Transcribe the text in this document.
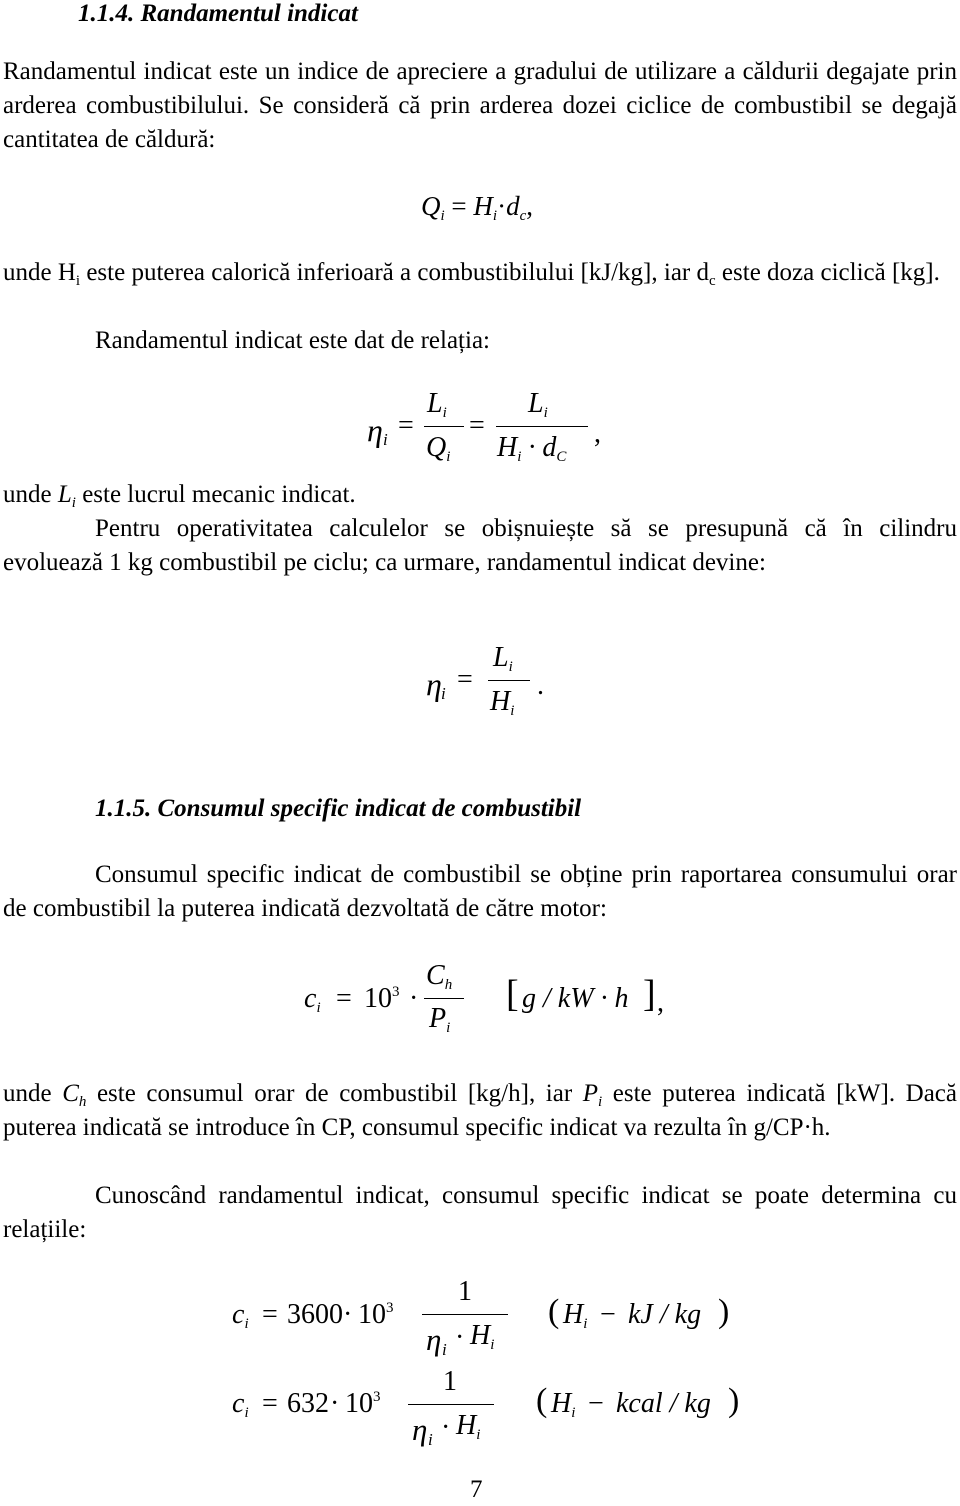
1.1.4. Randamentul indicat
Randamentul indicat este un indice de apreciere a gradului de utilizare a căldurii degajate prin arderea combustibilului. Se consideră că prin arderea dozei ciclice de combustibil se degajă cantitatea de căldură:
$Q_i = H_i\cdot d_c$,
unde $H_i$ este puterea calorică inferioară a combustibilului [kJ/kg], iar $d_c$ este doza ciclică [kg].
Randamentul indicat este dat de relația:
η i =
$L_i$
$Q_i$
=
$L_i$
$H_i \cdot d_C$
,
unde $L_i$ este lucrul mecanic indicat.
Pentru operativitatea calculelor se obișnuiește să se presupună că în cilindru evoluează 1 kg combustibil pe ciclu; ca urmare, randamentul indicat devine:
η i =
$L_i$
$H_i$
.
1.1.5. Consumul specific indicat de combustibil
Consumul specific indicat de combustibil se obține prin raportarea consumului orar de combustibil la puterea indicată dezvoltată de către motor:
$c_i = 10^3$ ·
$C_h$
$P_i$
[ g / kW · h ] ,
unde $C_h$ este consumul orar de combustibil [kg/h], iar $P_i$ este puterea indicată [kW]. Dacă puterea indicată se introduce în CP, consumul specific indicat va rezulta în g/CP·h.
Cunoscând randamentul indicat, consumul specific indicat se poate determina cu relațiile:
$c_i = 3600 \cdot 10^3$
1
η $i \cdot H_i$
( $H_i$ − kJ / kg )
$c_i = 632 \cdot 10^3$ 1
η $i \cdot H_i$
( $H_i$ − kcal / kg )
7
